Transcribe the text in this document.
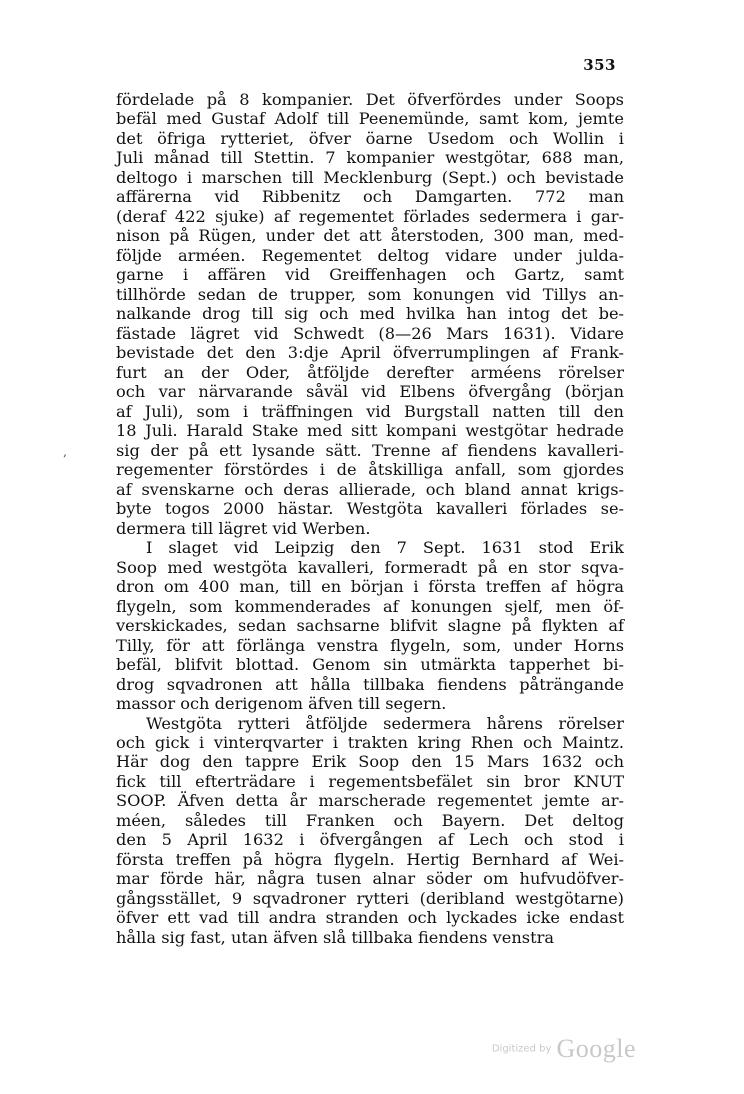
353
‚
fördelade på 8 kompanier. Det öfverfördes under Soops
befäl med Gustaf Adolf till Peenemünde, samt kom, jemte
det öfriga rytteriet, öfver öarne Usedom och Wollin i
Juli månad till Stettin. 7 kompanier westgötar, 688 man,
deltogo i marschen till Mecklenburg (Sept.) och bevistade
affärerna vid Ribbenitz och Damgarten. 772 man
(deraf 422 sjuke) af regementet förlades sedermera i gar-
nison på Rügen, under det att återstoden, 300 man, med-
följde arméen. Regementet deltog vidare under julda-
garne i affären vid Greiffenhagen och Gartz, samt
tillhörde sedan de trupper, som konungen vid Tillys an-
nalkande drog till sig och med hvilka han intog det be-
fästade lägret vid Schwedt (8—26 Mars 1631). Vidare
bevistade det den 3:dje April öfverrumplingen af Frank-
furt an der Oder, åtföljde derefter arméens rörelser
och var närvarande såväl vid Elbens öfvergång (början
af Juli), som i träffningen vid Burgstall natten till den
18 Juli. Harald Stake med sitt kompani westgötar hedrade
sig der på ett lysande sätt. Trenne af fiendens kavalleri-
regementer förstördes i de åtskilliga anfall, som gjordes
af svenskarne och deras allierade, och bland annat krigs-
byte togos 2000 hästar. Westgöta kavalleri förlades se-
dermera till lägret vid Werben.
I slaget vid Leipzig den 7 Sept. 1631 stod Erik
Soop med westgöta kavalleri, formeradt på en stor sqva-
dron om 400 man, till en början i första treffen af högra
flygeln, som kommenderades af konungen sjelf, men öf-
verskickades, sedan sachsarne blifvit slagne på flykten af
Tilly, för att förlänga venstra flygeln, som, under Horns
befäl, blifvit blottad. Genom sin utmärkta tapperhet bi-
drog sqvadronen att hålla tillbaka fiendens påträngande
massor och derigenom äfven till segern.
Westgöta rytteri åtföljde sedermera hårens rörelser
och gick i vinterqvarter i trakten kring Rhen och Maintz.
Här dog den tappre Erik Soop den 15 Mars 1632 och
fick till efterträdare i regementsbefälet sin bror KNUT
SOOP. Äfven detta år marscherade regementet jemte ar-
méen, således till Franken och Bayern. Det deltog
den 5 April 1632 i öfvergången af Lech och stod i
första treffen på högra flygeln. Hertig Bernhard af Wei-
mar förde här, några tusen alnar söder om hufvudöfver-
gångsstället, 9 sqvadroner rytteri (deribland westgötarne)
öfver ett vad till andra stranden och lyckades icke endast
hålla sig fast, utan äfven slå tillbaka fiendens venstra
Digitized by Google
